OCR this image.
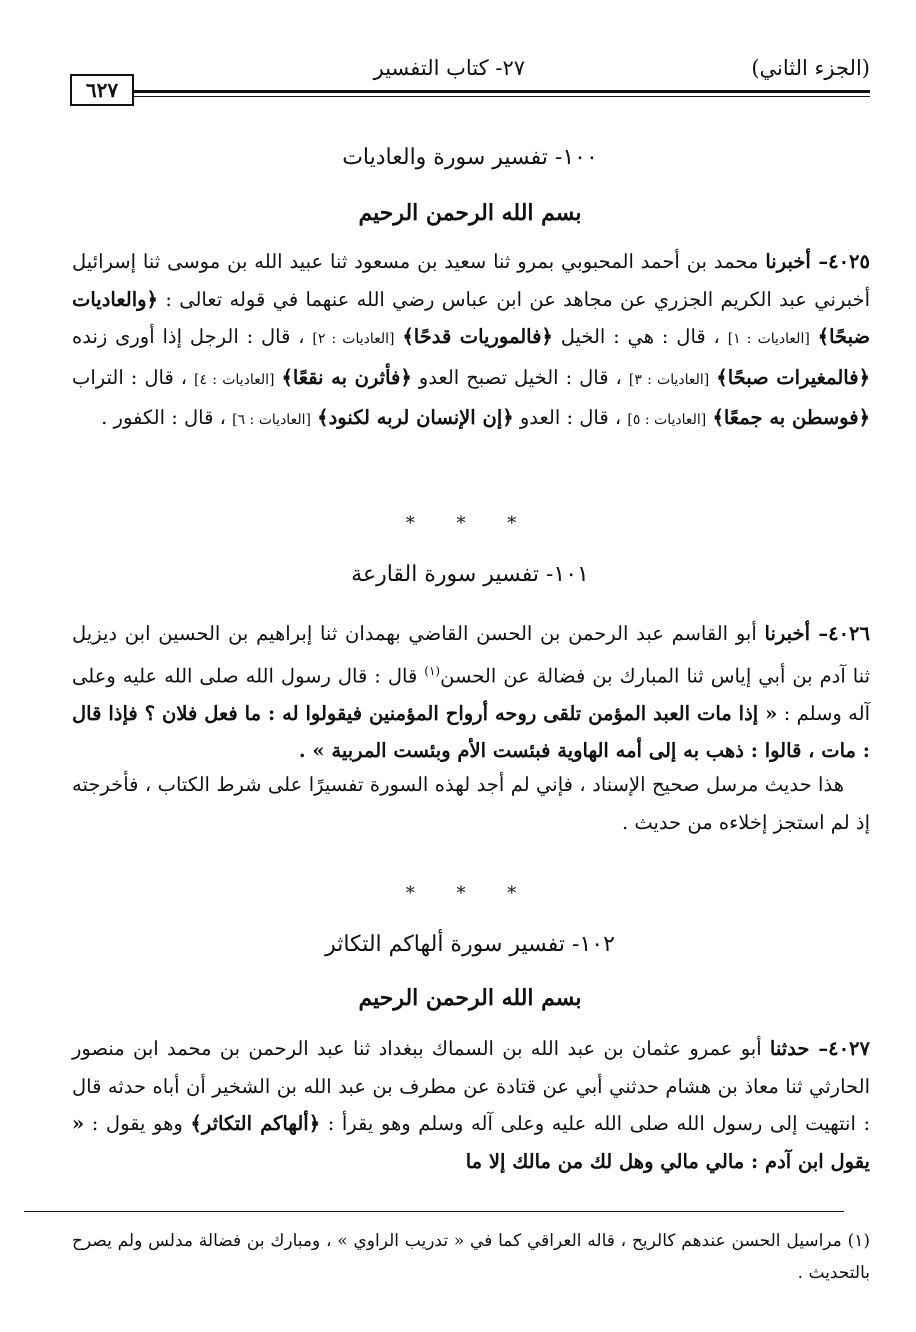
(الجزء الثاني)
٢٧- كتاب التفسير
٦٢٧
١٠٠- تفسير سورة والعاديات
بسم الله الرحمن الرحيم
٤٠٢٥– أخبرنا محمد بن أحمد المحبوبي بمرو ثنا سعيد بن مسعود ثنا عبيد الله بن موسى ثنا إسرائيل أخبرني عبد الكريم الجزري عن مجاهد عن ابن عباس رضي الله عنهما في قوله تعالى : ﴿والعاديات ضبحًا﴾ [العاديات : ١] ، قال : هي : الخيل ﴿فالموريات قدحًا﴾ [العاديات : ٢] ، قال : الرجل إذا أورى زنده ﴿فالمغيرات صبحًا﴾ [العاديات : ٣] ، قال : الخيل تصبح العدو ﴿فأثرن به نقعًا﴾ [العاديات : ٤] ، قال : التراب ﴿فوسطن به جمعًا﴾ [العاديات : ٥] ، قال : العدو ﴿إن الإنسان لربه لكنود﴾ [العاديات : ٦] ، قال : الكفور .
* * *
١٠١- تفسير سورة القارعة
٤٠٢٦– أخبرنا أبو القاسم عبد الرحمن بن الحسن القاضي بهمدان ثنا إبراهيم بن الحسين ابن ديزيل ثنا آدم بن أبي إياس ثنا المبارك بن فضالة عن الحسن$^{(١)}$ قال : قال رسول الله صلى الله عليه وعلى آله وسلم : « إذا مات العبد المؤمن تلقى روحه أرواح المؤمنين فيقولوا له : ما فعل فلان ؟ فإذا قال : مات ، قالوا : ذهب به إلى أمه الهاوية فبئست الأم وبئست المربية » .
هذا حديث مرسل صحيح الإسناد ، فإني لم أجد لهذه السورة تفسيرًا على شرط الكتاب ، فأخرجته إذ لم استجز إخلاءه من حديث .
* * *
١٠٢- تفسير سورة ألهاكم التكاثر
بسم الله الرحمن الرحيم
٤٠٢٧– حدثنا أبو عمرو عثمان بن عبد الله بن السماك ببغداد ثنا عبد الرحمن بن محمد ابن منصور الحارثي ثنا معاذ بن هشام حدثني أبي عن قتادة عن مطرف بن عبد الله بن الشخير أن أباه حدثه قال : انتهيت إلى رسول الله صلى الله عليه وعلى آله وسلم وهو يقرأ : ﴿ألهاكم التكاثر﴾ وهو يقول : « يقول ابن آدم : مالي مالي وهل لك من مالك إلا ما
(١) مراسيل الحسن عندهم كالريح ، قاله العراقي كما في « تدريب الراوي » ، ومبارك بن فضالة مدلس ولم يصرح بالتحديث .
